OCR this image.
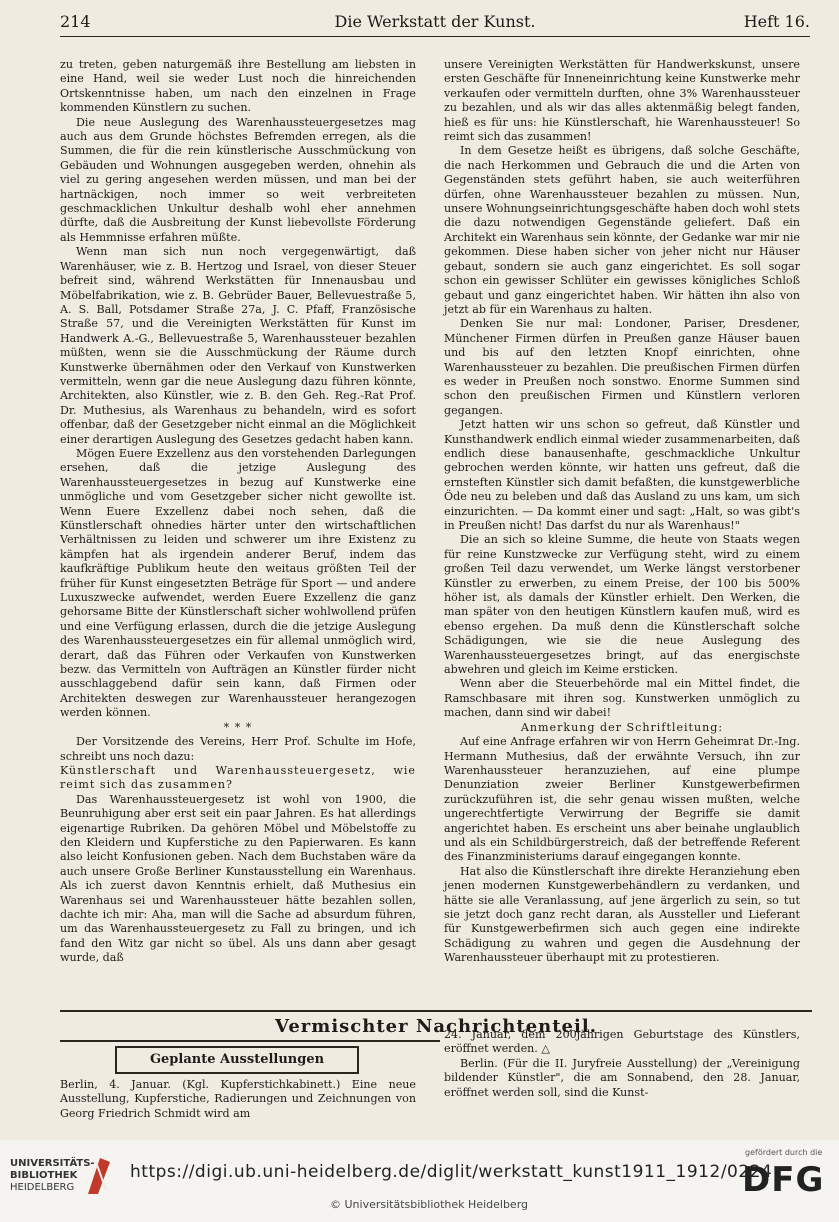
214	Die Werkstatt der Kunst.	Heft 16.

zu treten, geben naturgemäß ihre Bestellung am liebsten in eine Hand, weil sie weder Lust noch die hinreichenden Ortskenntnisse haben, um nach den einzelnen in Frage kommenden Künstlern zu suchen.

Die neue Auslegung des Warenhaussteuergesetzes mag auch aus dem Grunde höchstes Befremden erregen, als die Summen, die für die rein künstlerische Ausschmückung von Gebäuden und Wohnungen ausgegeben werden, ohnehin als viel zu gering angesehen werden müssen, und man bei der hartnäckigen, noch immer so weit verbreiteten geschmacklichen Unkultur deshalb wohl eher annehmen dürfte, daß die Ausbreitung der Kunst liebevollste Förderung als Hemmnisse erfahren müßte.

Wenn man sich nun noch vergegenwärtigt, daß Warenhäuser, wie z. B. Hertzog und Israel, von dieser Steuer befreit sind, während Werkstätten für Innenausbau und Möbelfabrikation, wie z. B. Gebrüder Bauer, Bellevuestraße 5, A. S. Ball, Potsdamer Straße 27a, J. C. Pfaff, Französische Straße 57, und die Vereinigten Werkstätten für Kunst im Handwerk A.-G., Bellevuestraße 5, Warenhaussteuer bezahlen müßten, wenn sie die Ausschmückung der Räume durch Kunstwerke übernähmen oder den Verkauf von Kunstwerken vermitteln, wenn gar die neue Auslegung dazu führen könnte, Architekten, also Künstler, wie z. B. den Geh. Reg.-Rat Prof. Dr. Muthesius, als Warenhaus zu behandeln, wird es sofort offenbar, daß der Gesetzgeber nicht einmal an die Möglichkeit einer derartigen Auslegung des Gesetzes gedacht haben kann.

Mögen Euere Exzellenz aus den vorstehenden Darlegungen ersehen, daß die jetzige Auslegung des Warenhaussteuergesetzes in bezug auf Kunstwerke eine unmögliche und vom Gesetzgeber sicher nicht gewollte ist. Wenn Euere Exzellenz dabei noch sehen, daß die Künstlerschaft ohnedies härter unter den wirtschaftlichen Verhältnissen zu leiden und schwerer um ihre Existenz zu kämpfen hat als irgendein anderer Beruf, indem das kaufkräftige Publikum heute den weitaus größten Teil der früher für Kunst eingesetzten Beträge für Sport — und andere Luxuszwecke aufwendet, werden Euere Exzellenz die ganz gehorsame Bitte der Künstlerschaft sicher wohlwollend prüfen und eine Verfügung erlassen, durch die die jetzige Auslegung des Warenhaussteuergesetzes ein für allemal unmöglich wird, derart, daß das Führen oder Verkaufen von Kunstwerken bezw. das Vermitteln von Aufträgen an Künstler fürder nicht ausschlaggebend dafür sein kann, daß Firmen oder Architekten deswegen zur Warenhaussteuer herangezogen werden können.

* * *

Der Vorsitzende des Vereins, Herr Prof. Schulte im Hofe, schreibt uns noch dazu:

Künstlerschaft und Warenhaussteuergesetz, wie reimt sich das zusammen?

Das Warenhaussteuergesetz ist wohl von 1900, die Beunruhigung aber erst seit ein paar Jahren. Es hat allerdings eigenartige Rubriken. Da gehören Möbel und Möbelstoffe zu den Kleidern und Kupferstiche zu den Papierwaren. Es kann also leicht Konfusionen geben. Nach dem Buchstaben wäre da auch unsere Große Berliner Kunstausstellung ein Warenhaus. Als ich zuerst davon Kenntnis erhielt, daß Muthesius ein Warenhaus sei und Warenhaussteuer hätte bezahlen sollen, dachte ich mir: Aha, man will die Sache ad absurdum führen, um das Warenhaussteuergesetz zu Fall zu bringen, und ich fand den Witz gar nicht so übel. Als uns dann aber gesagt wurde, daß

unsere Vereinigten Werkstätten für Handwerkskunst, unsere ersten Geschäfte für Inneneinrichtung keine Kunstwerke mehr verkaufen oder vermitteln durften, ohne 3% Warenhaussteuer zu bezahlen, und als wir das alles aktenmäßig belegt fanden, hieß es für uns: hie Künstlerschaft, hie Warenhaussteuer! So reimt sich das zusammen!

In dem Gesetze heißt es übrigens, daß solche Geschäfte, die nach Herkommen und Gebrauch die und die Arten von Gegenständen stets geführt haben, sie auch weiterführen dürfen, ohne Warenhaussteuer bezahlen zu müssen. Nun, unsere Wohnungseinrichtungsgeschäfte haben doch wohl stets die dazu notwendigen Gegenstände geliefert. Daß ein Architekt ein Warenhaus sein könnte, der Gedanke war mir nie gekommen. Diese haben sicher von jeher nicht nur Häuser gebaut, sondern sie auch ganz eingerichtet. Es soll sogar schon ein gewisser Schlüter ein gewisses königliches Schloß gebaut und ganz eingerichtet haben. Wir hätten ihn also von jetzt ab für ein Warenhaus zu halten.

Denken Sie nur mal: Londoner, Pariser, Dresdener, Münchener Firmen dürfen in Preußen ganze Häuser bauen und bis auf den letzten Knopf einrichten, ohne Warenhaussteuer zu bezahlen. Die preußischen Firmen dürfen es weder in Preußen noch sonstwo. Enorme Summen sind schon den preußischen Firmen und Künstlern verloren gegangen.

Jetzt hatten wir uns schon so gefreut, daß Künstler und Kunsthandwerk endlich einmal wieder zusammenarbeiten, daß endlich diese banausenhafte, geschmackliche Unkultur gebrochen werden könnte, wir hatten uns gefreut, daß die ernsteften Künstler sich damit befaßten, die kunstgewerbliche Öde neu zu beleben und daß das Ausland zu uns kam, um sich einzurichten. — Da kommt einer und sagt: „Halt, so was gibt's in Preußen nicht! Das darfst du nur als Warenhaus!"

Die an sich so kleine Summe, die heute von Staats wegen für reine Kunstzwecke zur Verfügung steht, wird zu einem großen Teil dazu verwendet, um Werke längst verstorbener Künstler zu erwerben, zu einem Preise, der 100 bis 500% höher ist, als damals der Künstler erhielt. Den Werken, die man später von den heutigen Künstlern kaufen muß, wird es ebenso ergehen. Da muß denn die Künstlerschaft solche Schädigungen, wie sie die neue Auslegung des Warenhaussteuergesetzes bringt, auf das energischste abwehren und gleich im Keime ersticken.

Wenn aber die Steuerbehörde mal ein Mittel findet, die Ramschbasare mit ihren sog. Kunstwerken unmöglich zu machen, dann sind wir dabei!

Anmerkung der Schriftleitung:

Auf eine Anfrage erfahren wir von Herrn Geheimrat Dr.-Ing. Hermann Muthesius, daß der erwähnte Versuch, ihn zur Warenhaussteuer heranzuziehen, auf eine plumpe Denunziation zweier Berliner Kunstgewerbefirmen zurückzuführen ist, die sehr genau wissen mußten, welche ungerechtfertigte Verwirrung der Begriffe sie damit angerichtet haben. Es erscheint uns aber beinahe unglaublich und als ein Schildbürgerstreich, daß der betreffende Referent des Finanzministeriums darauf eingegangen konnte.

Hat also die Künstlerschaft ihre direkte Heranziehung eben jenen modernen Kunstgewerbehändlern zu verdanken, und hätte sie alle Veranlassung, auf jene ärgerlich zu sein, so tut sie jetzt doch ganz recht daran, als Aussteller und Lieferant für Kunstgewerbefirmen sich auch gegen eine indirekte Schädigung zu wahren und gegen die Ausdehnung der Warenhaussteuer überhaupt mit zu protestieren.

Vermischter Nachrichtenteil.
Geplante Ausstellungen

Berlin, 4. Januar. (Kgl. Kupferstichkabinett.) Eine neue Ausstellung, Kupferstiche, Radierungen und Zeichnungen von Georg Friedrich Schmidt wird am

24. Januar, dem 200jährigen Geburtstage des Künstlers, eröffnet werden. △

Berlin. (Für die II. Juryfreie Ausstellung) der „Vereinigung bildender Künstler", die am Sonnabend, den 28. Januar, eröffnet werden soll, sind die Kunst-

UNIVERSITÄTS-
BIBLIOTHEK
HEIDELBERG
https://digi.ub.uni-heidelberg.de/diglit/werkstatt_kunst1911_1912/0224
© Universitätsbibliothek Heidelberg
gefördert durch die
DFG
